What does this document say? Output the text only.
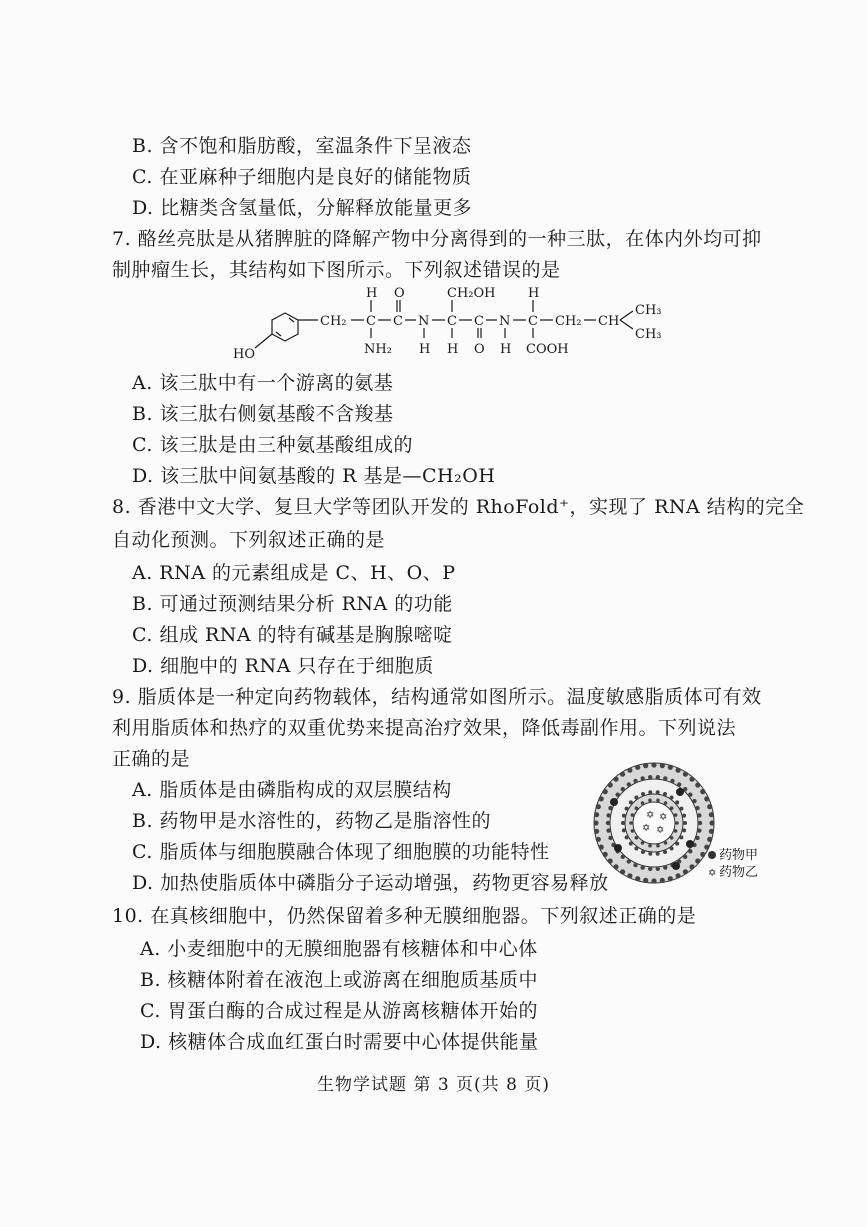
B. 含不饱和脂肪酸，室温条件下呈液态
C. 在亚麻种子细胞内是良好的储能物质
D. 比糖类含氢量低，分解释放能量更多
7. 酪丝亮肽是从猪脾脏的降解产物中分离得到的一种三肽，在体内外均可抑
制肿瘤生长，其结构如下图所示。下列叙述错误的是
HO
CH₂
H O	CH₂OH	H
CH₃
CH₃
C C N C C N C CH₂ CH
NH₂ H H O H COOH
A. 该三肽中有一个游离的氨基
B. 该三肽右侧氨基酸不含羧基
C. 该三肽是由三种氨基酸组成的
D. 该三肽中间氨基酸的 R 基是—CH₂OH
8. 香港中文大学、复旦大学等团队开发的 RhoFold⁺，实现了 RNA 结构的完全
自动化预测。下列叙述正确的是
A. RNA 的元素组成是 C、H、O、P
B. 可通过预测结果分析 RNA 的功能
C. 组成 RNA 的特有碱基是胸腺嘧啶
D. 细胞中的 RNA 只存在于细胞质
9. 脂质体是一种定向药物载体，结构通常如图所示。温度敏感脂质体可有效
利用脂质体和热疗的双重优势来提高治疗效果，降低毒副作用。下列说法
正确的是
A. 脂质体是由磷脂构成的双层膜结构
B. 药物甲是水溶性的，药物乙是脂溶性的
C. 脂质体与细胞膜融合体现了细胞膜的功能特性
D. 加热使脂质体中磷脂分子运动增强，药物更容易释放
✡ ✡
✡ ✡
药物甲
✡ 药物乙
10. 在真核细胞中，仍然保留着多种无膜细胞器。下列叙述正确的是
A. 小麦细胞中的无膜细胞器有核糖体和中心体
B. 核糖体附着在液泡上或游离在细胞质基质中
C. 胃蛋白酶的合成过程是从游离核糖体开始的
D. 核糖体合成血红蛋白时需要中心体提供能量
生物学试题 第 3 页(共 8 页)
